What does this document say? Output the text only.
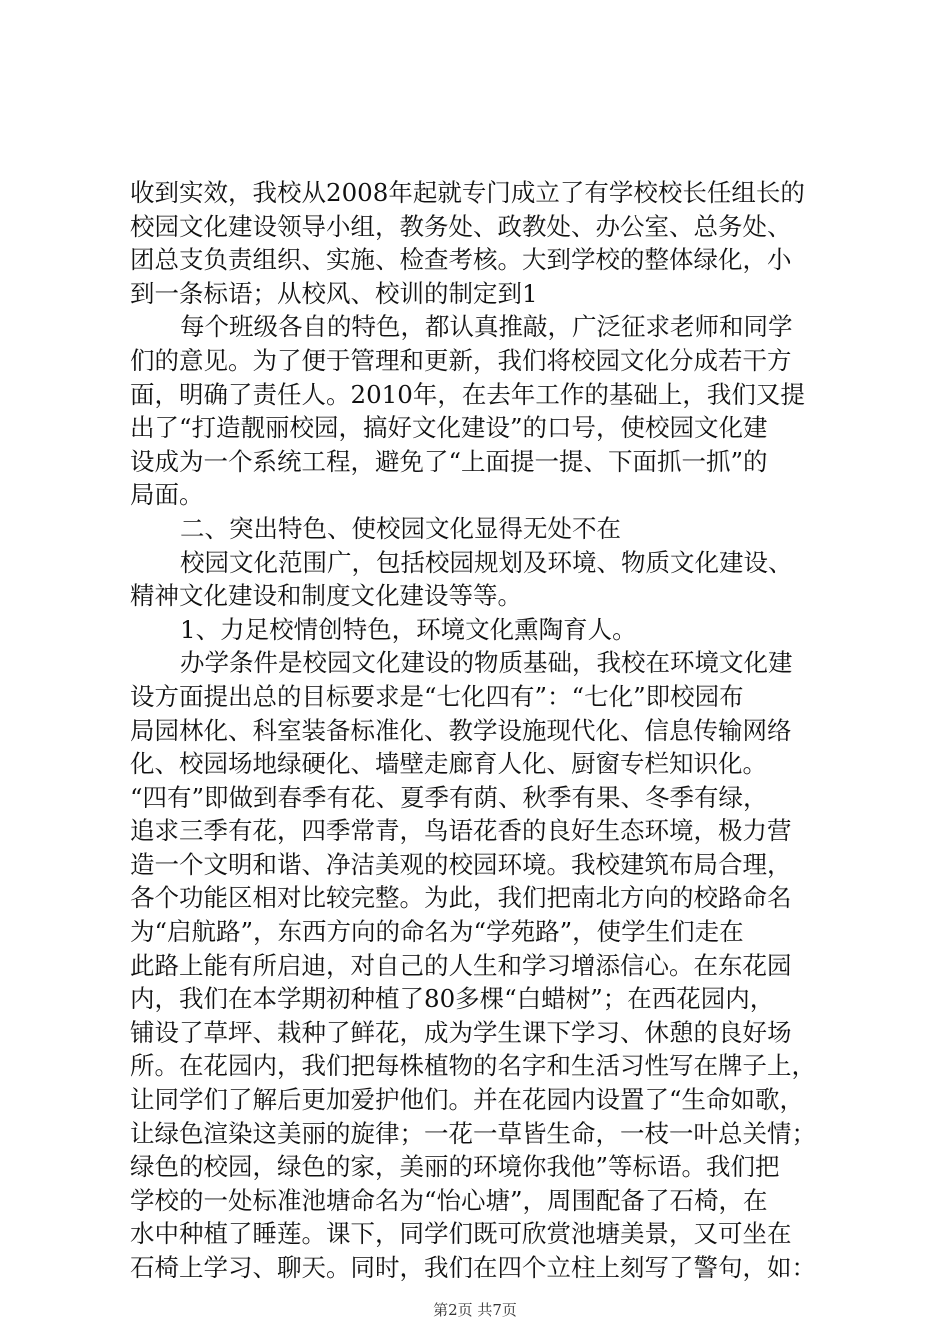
收到实效，我校从2008年起就专门成立了有学校校长任组长的
校园文化建设领导小组，教务处、政教处、办公室、总务处、
团总支负责组织、实施、检查考核。大到学校的整体绿化，小
到一条标语；从校风、校训的制定到1
每个班级各自的特色，都认真推敲，广泛征求老师和同学
们的意见。为了便于管理和更新，我们将校园文化分成若干方
面，明确了责任人。2010年，在去年工作的基础上，我们又提
出了“打造靓丽校园，搞好文化建设”的口号，使校园文化建
设成为一个系统工程，避免了“上面提一提、下面抓一抓”的
局面。
二、突出特色、使校园文化显得无处不在
校园文化范围广，包括校园规划及环境、物质文化建设、
精神文化建设和制度文化建设等等。
1、力足校情创特色，环境文化熏陶育人。
办学条件是校园文化建设的物质基础，我校在环境文化建
设方面提出总的目标要求是“七化四有”：“七化”即校园布
局园林化、科室装备标准化、教学设施现代化、信息传输网络
化、校园场地绿硬化、墙壁走廊育人化、厨窗专栏知识化。
“四有”即做到春季有花、夏季有荫、秋季有果、冬季有绿，
追求三季有花，四季常青，鸟语花香的良好生态环境，极力营
造一个文明和谐、净洁美观的校园环境。我校建筑布局合理，
各个功能区相对比较完整。为此，我们把南北方向的校路命名
为“启航路”，东西方向的命名为“学苑路”，使学生们走在
此路上能有所启迪，对自己的人生和学习增添信心。在东花园
内，我们在本学期初种植了80多棵“白蜡树”；在西花园内，
铺设了草坪、栽种了鲜花，成为学生课下学习、休憩的良好场
所。在花园内，我们把每株植物的名字和生活习性写在牌子上，
让同学们了解后更加爱护他们。并在花园内设置了“生命如歌，
让绿色渲染这美丽的旋律；一花一草皆生命，一枝一叶总关情；
绿色的校园，绿色的家，美丽的环境你我他”等标语。我们把
学校的一处标准池塘命名为“怡心塘”，周围配备了石椅，在
水中种植了睡莲。课下，同学们既可欣赏池塘美景，又可坐在
石椅上学习、聊天。同时，我们在四个立柱上刻写了警句，如：
第2页 共7页
